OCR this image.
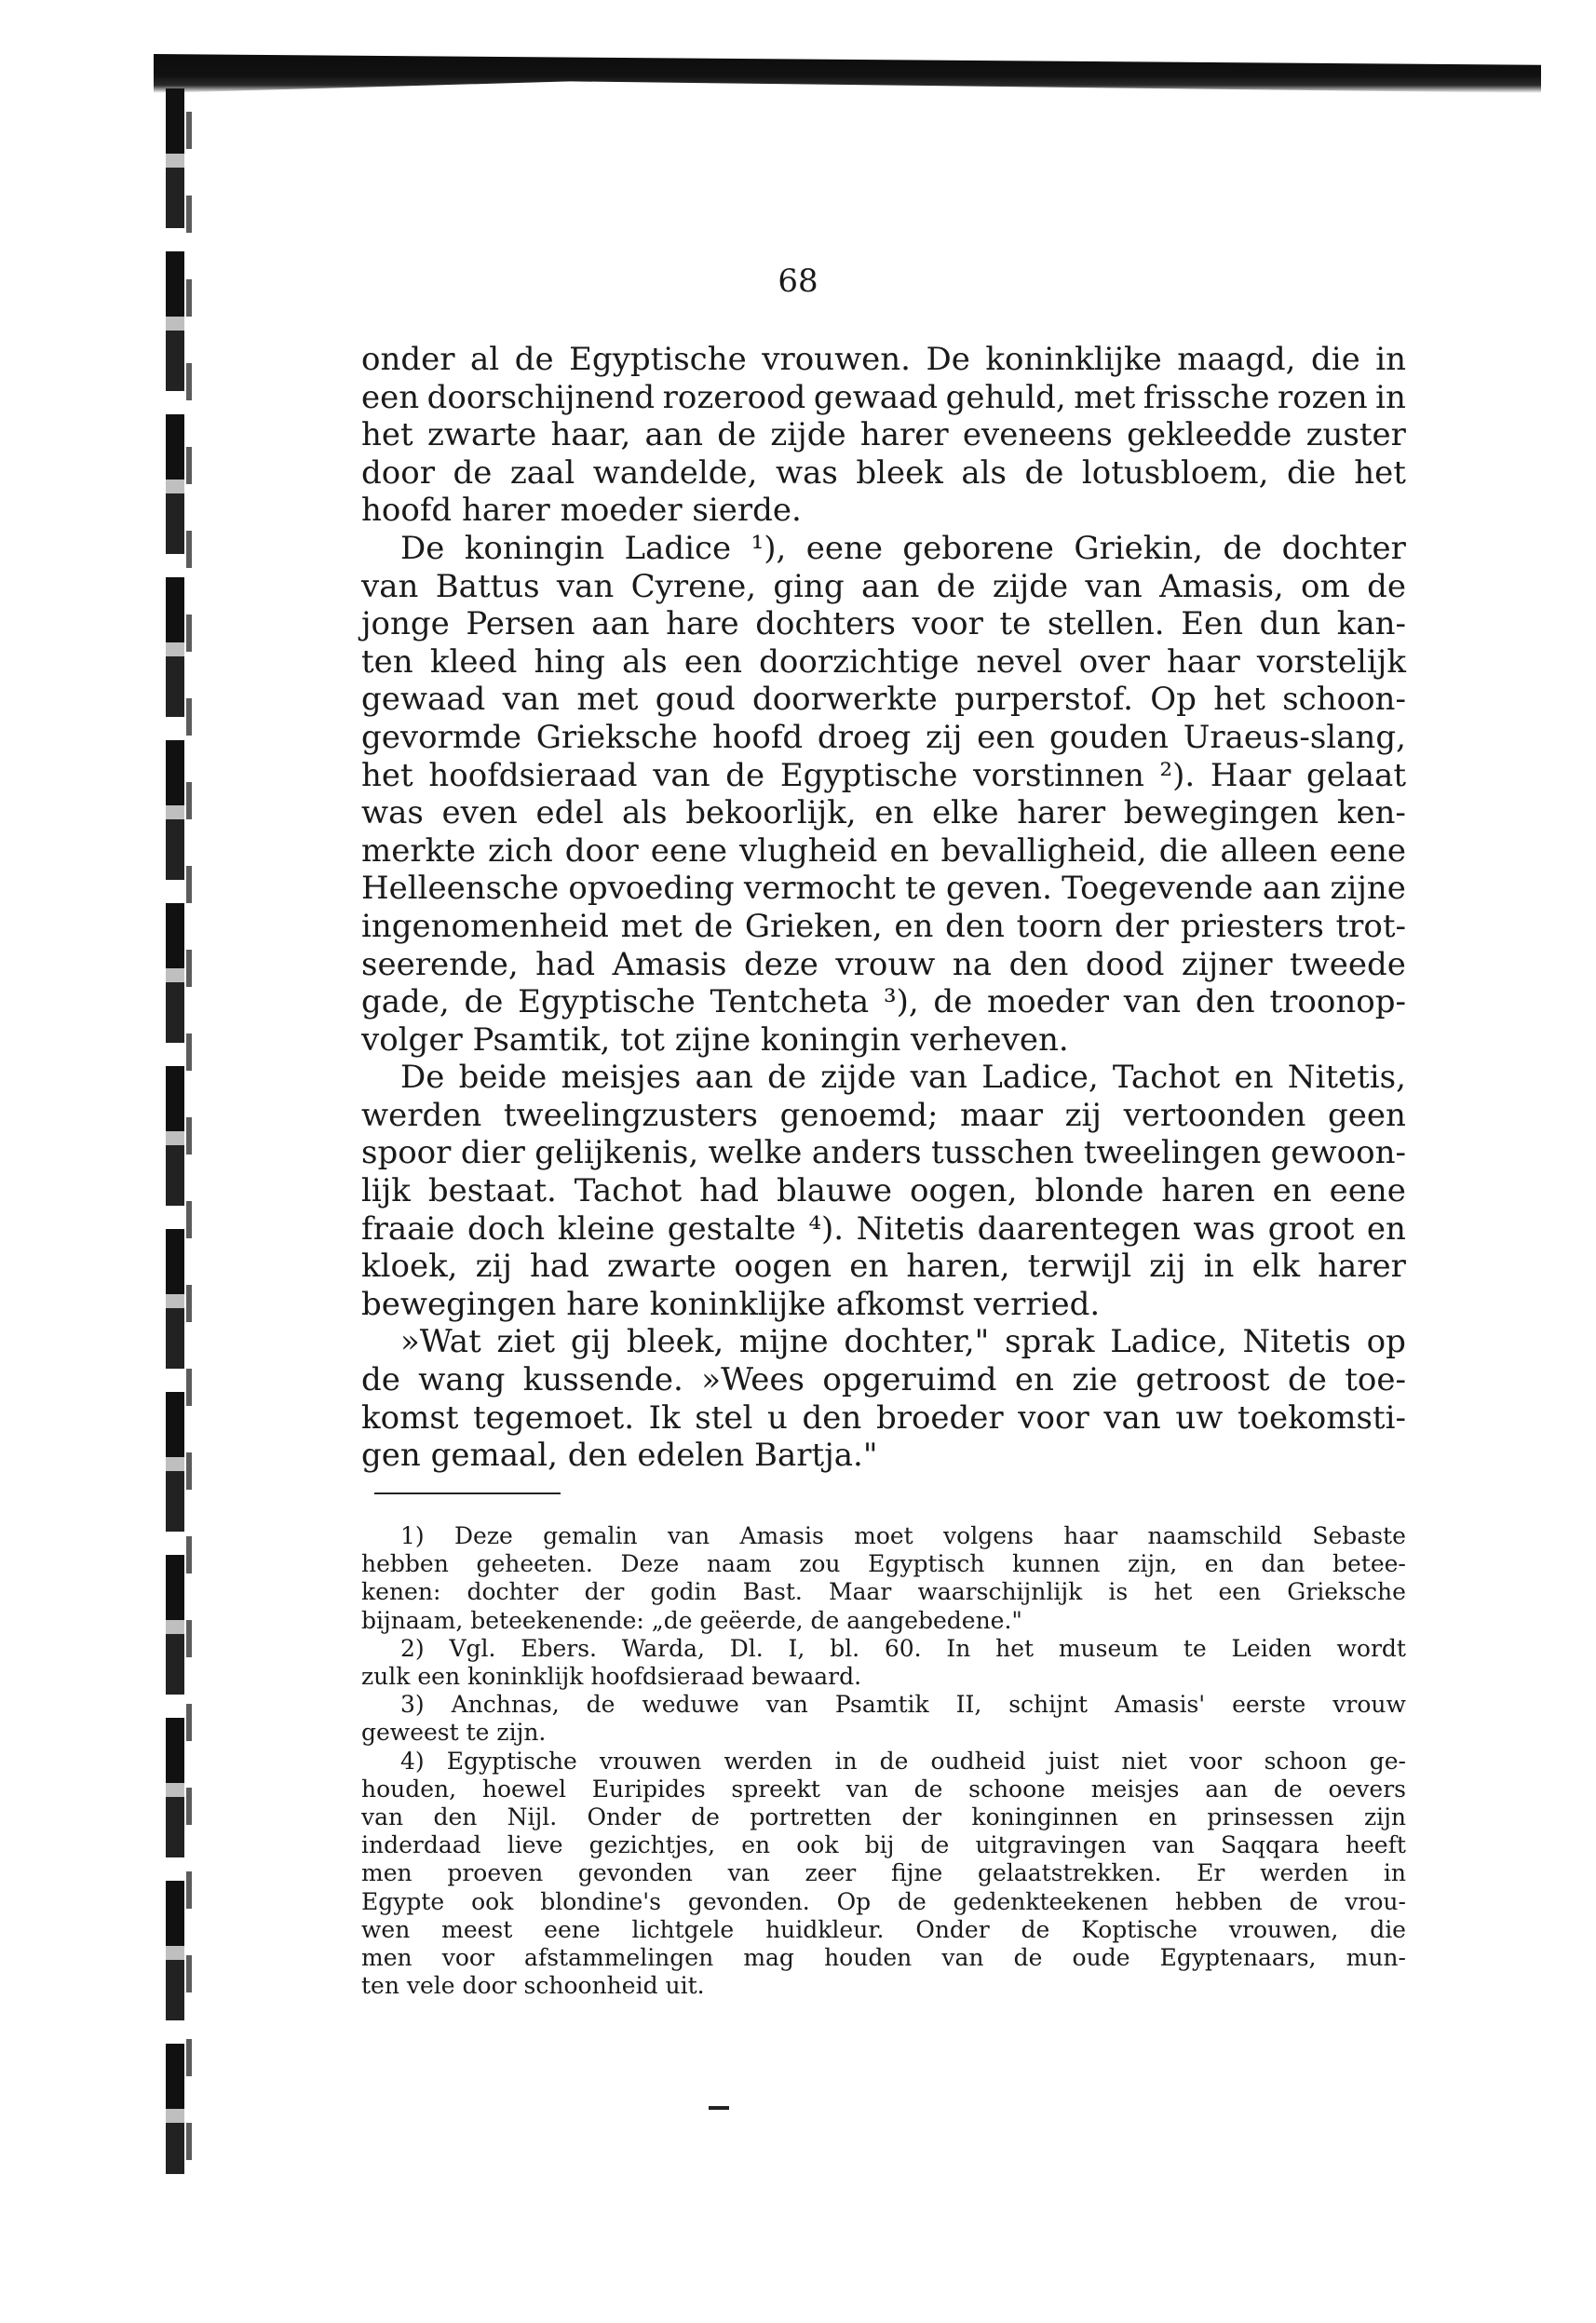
68
onder al de Egyptische vrouwen. De koninklijke maagd, die in
een doorschijnend rozerood gewaad gehuld, met frissche rozen in
het zwarte haar, aan de zijde harer eveneens gekleedde zuster
door de zaal wandelde, was bleek als de lotusbloem, die het
hoofd harer moeder sierde.
De koningin Ladice ¹), eene geborene Griekin, de dochter
van Battus van Cyrene, ging aan de zijde van Amasis, om de
jonge Persen aan hare dochters voor te stellen. Een dun kan-
ten kleed hing als een doorzichtige nevel over haar vorstelijk
gewaad van met goud doorwerkte purperstof. Op het schoon-
gevormde Grieksche hoofd droeg zij een gouden Uraeus-slang,
het hoofdsieraad van de Egyptische vorstinnen ²). Haar gelaat
was even edel als bekoorlijk, en elke harer bewegingen ken-
merkte zich door eene vlugheid en bevalligheid, die alleen eene
Helleensche opvoeding vermocht te geven. Toegevende aan zijne
ingenomenheid met de Grieken, en den toorn der priesters trot-
seerende, had Amasis deze vrouw na den dood zijner tweede
gade, de Egyptische Tentcheta ³), de moeder van den troonop-
volger Psamtik, tot zijne koningin verheven.
De beide meisjes aan de zijde van Ladice, Tachot en Nitetis,
werden tweelingzusters genoemd; maar zij vertoonden geen
spoor dier gelijkenis, welke anders tusschen tweelingen gewoon-
lijk bestaat. Tachot had blauwe oogen, blonde haren en eene
fraaie doch kleine gestalte ⁴). Nitetis daarentegen was groot en
kloek, zij had zwarte oogen en haren, terwijl zij in elk harer
bewegingen hare koninklijke afkomst verried.
»Wat ziet gij bleek, mijne dochter," sprak Ladice, Nitetis op
de wang kussende. »Wees opgeruimd en zie getroost de toe-
komst tegemoet. Ik stel u den broeder voor van uw toekomsti-
gen gemaal, den edelen Bartja."
1) Deze gemalin van Amasis moet volgens haar naamschild Sebaste
hebben geheeten. Deze naam zou Egyptisch kunnen zijn, en dan betee-
kenen: dochter der godin Bast. Maar waarschijnlijk is het een Grieksche
bijnaam, beteekenende: „de geëerde, de aangebedene."
2) Vgl. Ebers. Warda, Dl. I, bl. 60. In het museum te Leiden wordt
zulk een koninklijk hoofdsieraad bewaard.
3) Anchnas, de weduwe van Psamtik II, schijnt Amasis' eerste vrouw
geweest te zijn.
4) Egyptische vrouwen werden in de oudheid juist niet voor schoon ge-
houden, hoewel Euripides spreekt van de schoone meisjes aan de oevers
van den Nijl. Onder de portretten der koninginnen en prinsessen zijn
inderdaad lieve gezichtjes, en ook bij de uitgravingen van Saqqara heeft
men proeven gevonden van zeer fijne gelaatstrekken. Er werden in
Egypte ook blondine's gevonden. Op de gedenkteekenen hebben de vrou-
wen meest eene lichtgele huidkleur. Onder de Koptische vrouwen, die
men voor afstammelingen mag houden van de oude Egyptenaars, mun-
ten vele door schoonheid uit.
